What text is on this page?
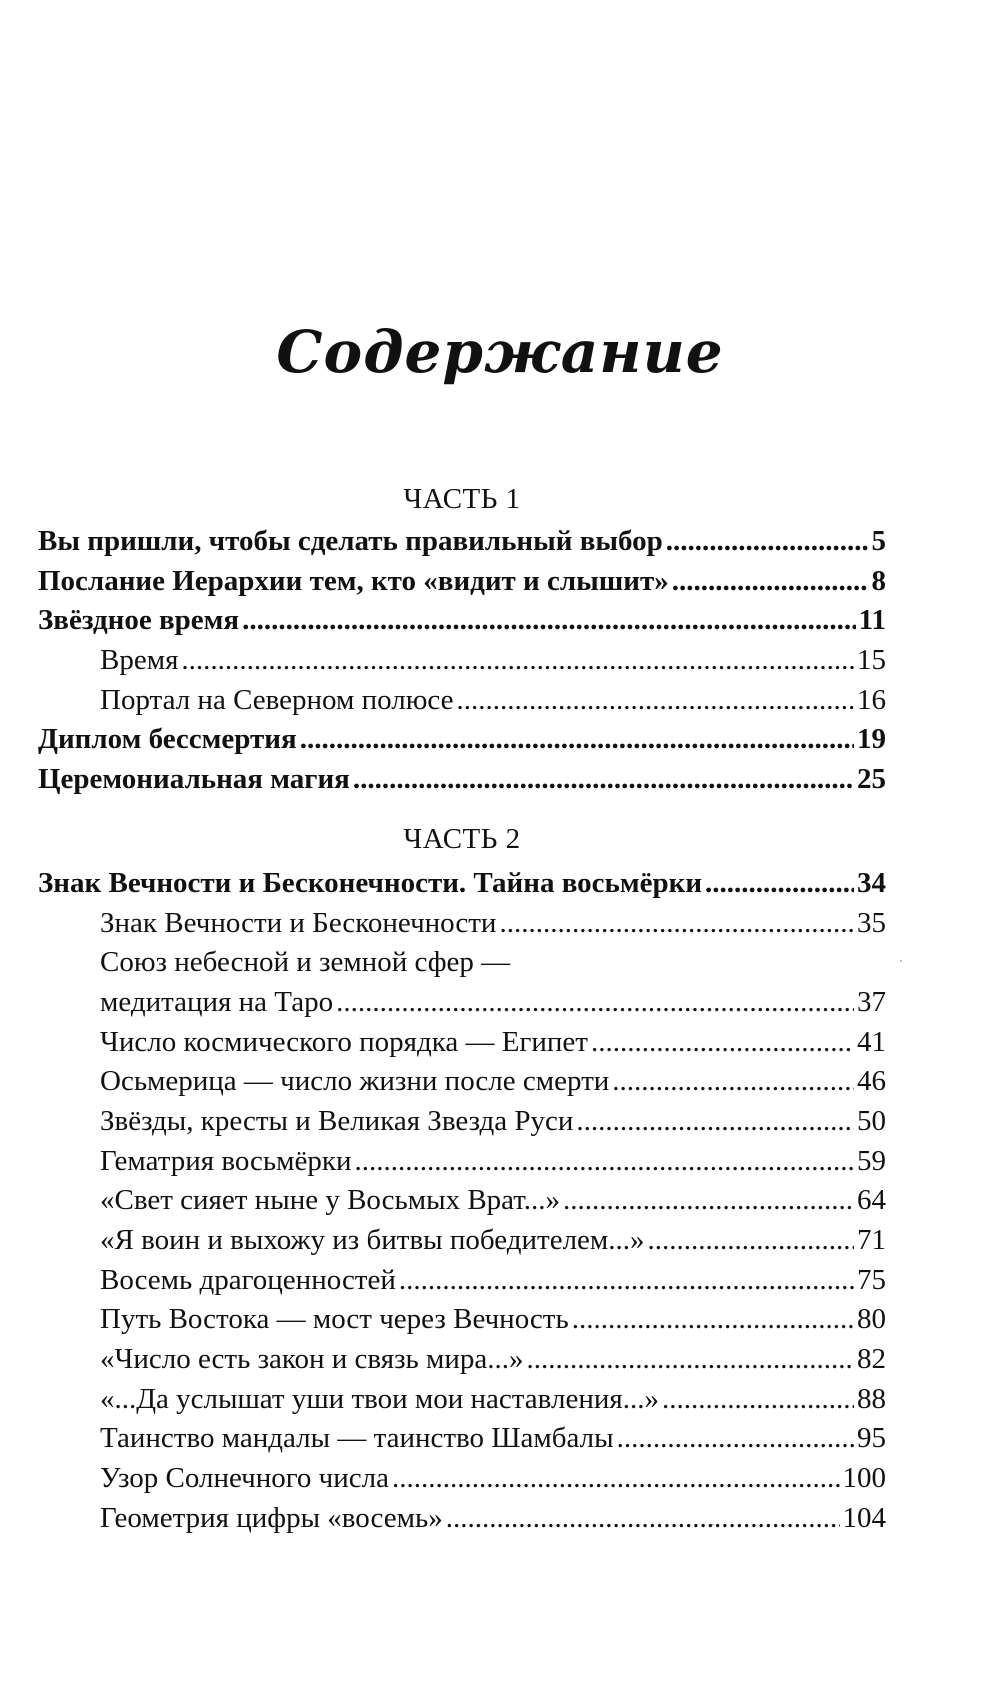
Содержание
ЧАСТЬ 1
Вы пришли, чтобы сделать правильный выбор .....	5
Послание Иерархии тем, кто «видит и слышит» .....	8
Звёздное время .....	11
Время .....	15
Портал на Северном полюсе .....	16
Диплом бессмертия .....	19
Церемониальная магия .....	25
ЧАСТЬ 2
Знак Вечности и Бесконечности. Тайна восьмёрки .....	34
Знак Вечности и Бесконечности .....	35
Союз небесной и земной сфер —
медитация на Таро .....	37
Число космического порядка — Египет .....	41
Осьмерица — число жизни после смерти .....	46
Звёзды, кресты и Великая Звезда Руси .....	50
Гематрия восьмёрки .....	59
«Свет сияет ныне у Восьмых Врат...» .....	64
«Я воин и выхожу из битвы победителем...» .....	71
Восемь драгоценностей .....	75
Путь Востока — мост через Вечность .....	80
«Число есть закон и связь мира...» .....	82
«...Да услышат уши твои мои наставления...» .....	88
Таинство мандалы — таинство Шамбалы .....	95
Узор Солнечного числа .....	100
Геометрия цифры «восемь» .....	104
